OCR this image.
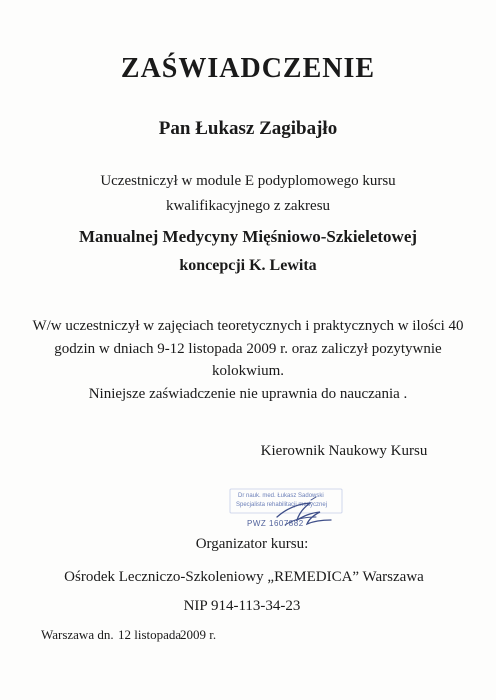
ZAŚWIADCZENIE
Pan Łukasz Zagibajło
Uczestniczył w module E podyplomowego kursu
kwalifikacyjnego z zakresu
Manualnej Medycyny Mięśniowo-Szkieletowej
koncepcji K. Lewita
W/w uczestniczył w zajęciach teoretycznych i praktycznych w ilości 40
godzin w dniach 9-12 listopada 2009 r. oraz zaliczył pozytywnie
kolokwium.
Niniejsze zaświadczenie nie uprawnia do nauczania .
Kierownik Naukowy Kursu
Dr nauk. med. Łukasz Sadowski
Specjalista rehabilitacji medycznej
PWZ 1607882
Organizator kursu:
Ośrodek Leczniczo-Szkoleniowy „REMEDICA” Warszawa
NIP 914-113-34-23
Warszawa dn. 12 listopada
2009 r.
